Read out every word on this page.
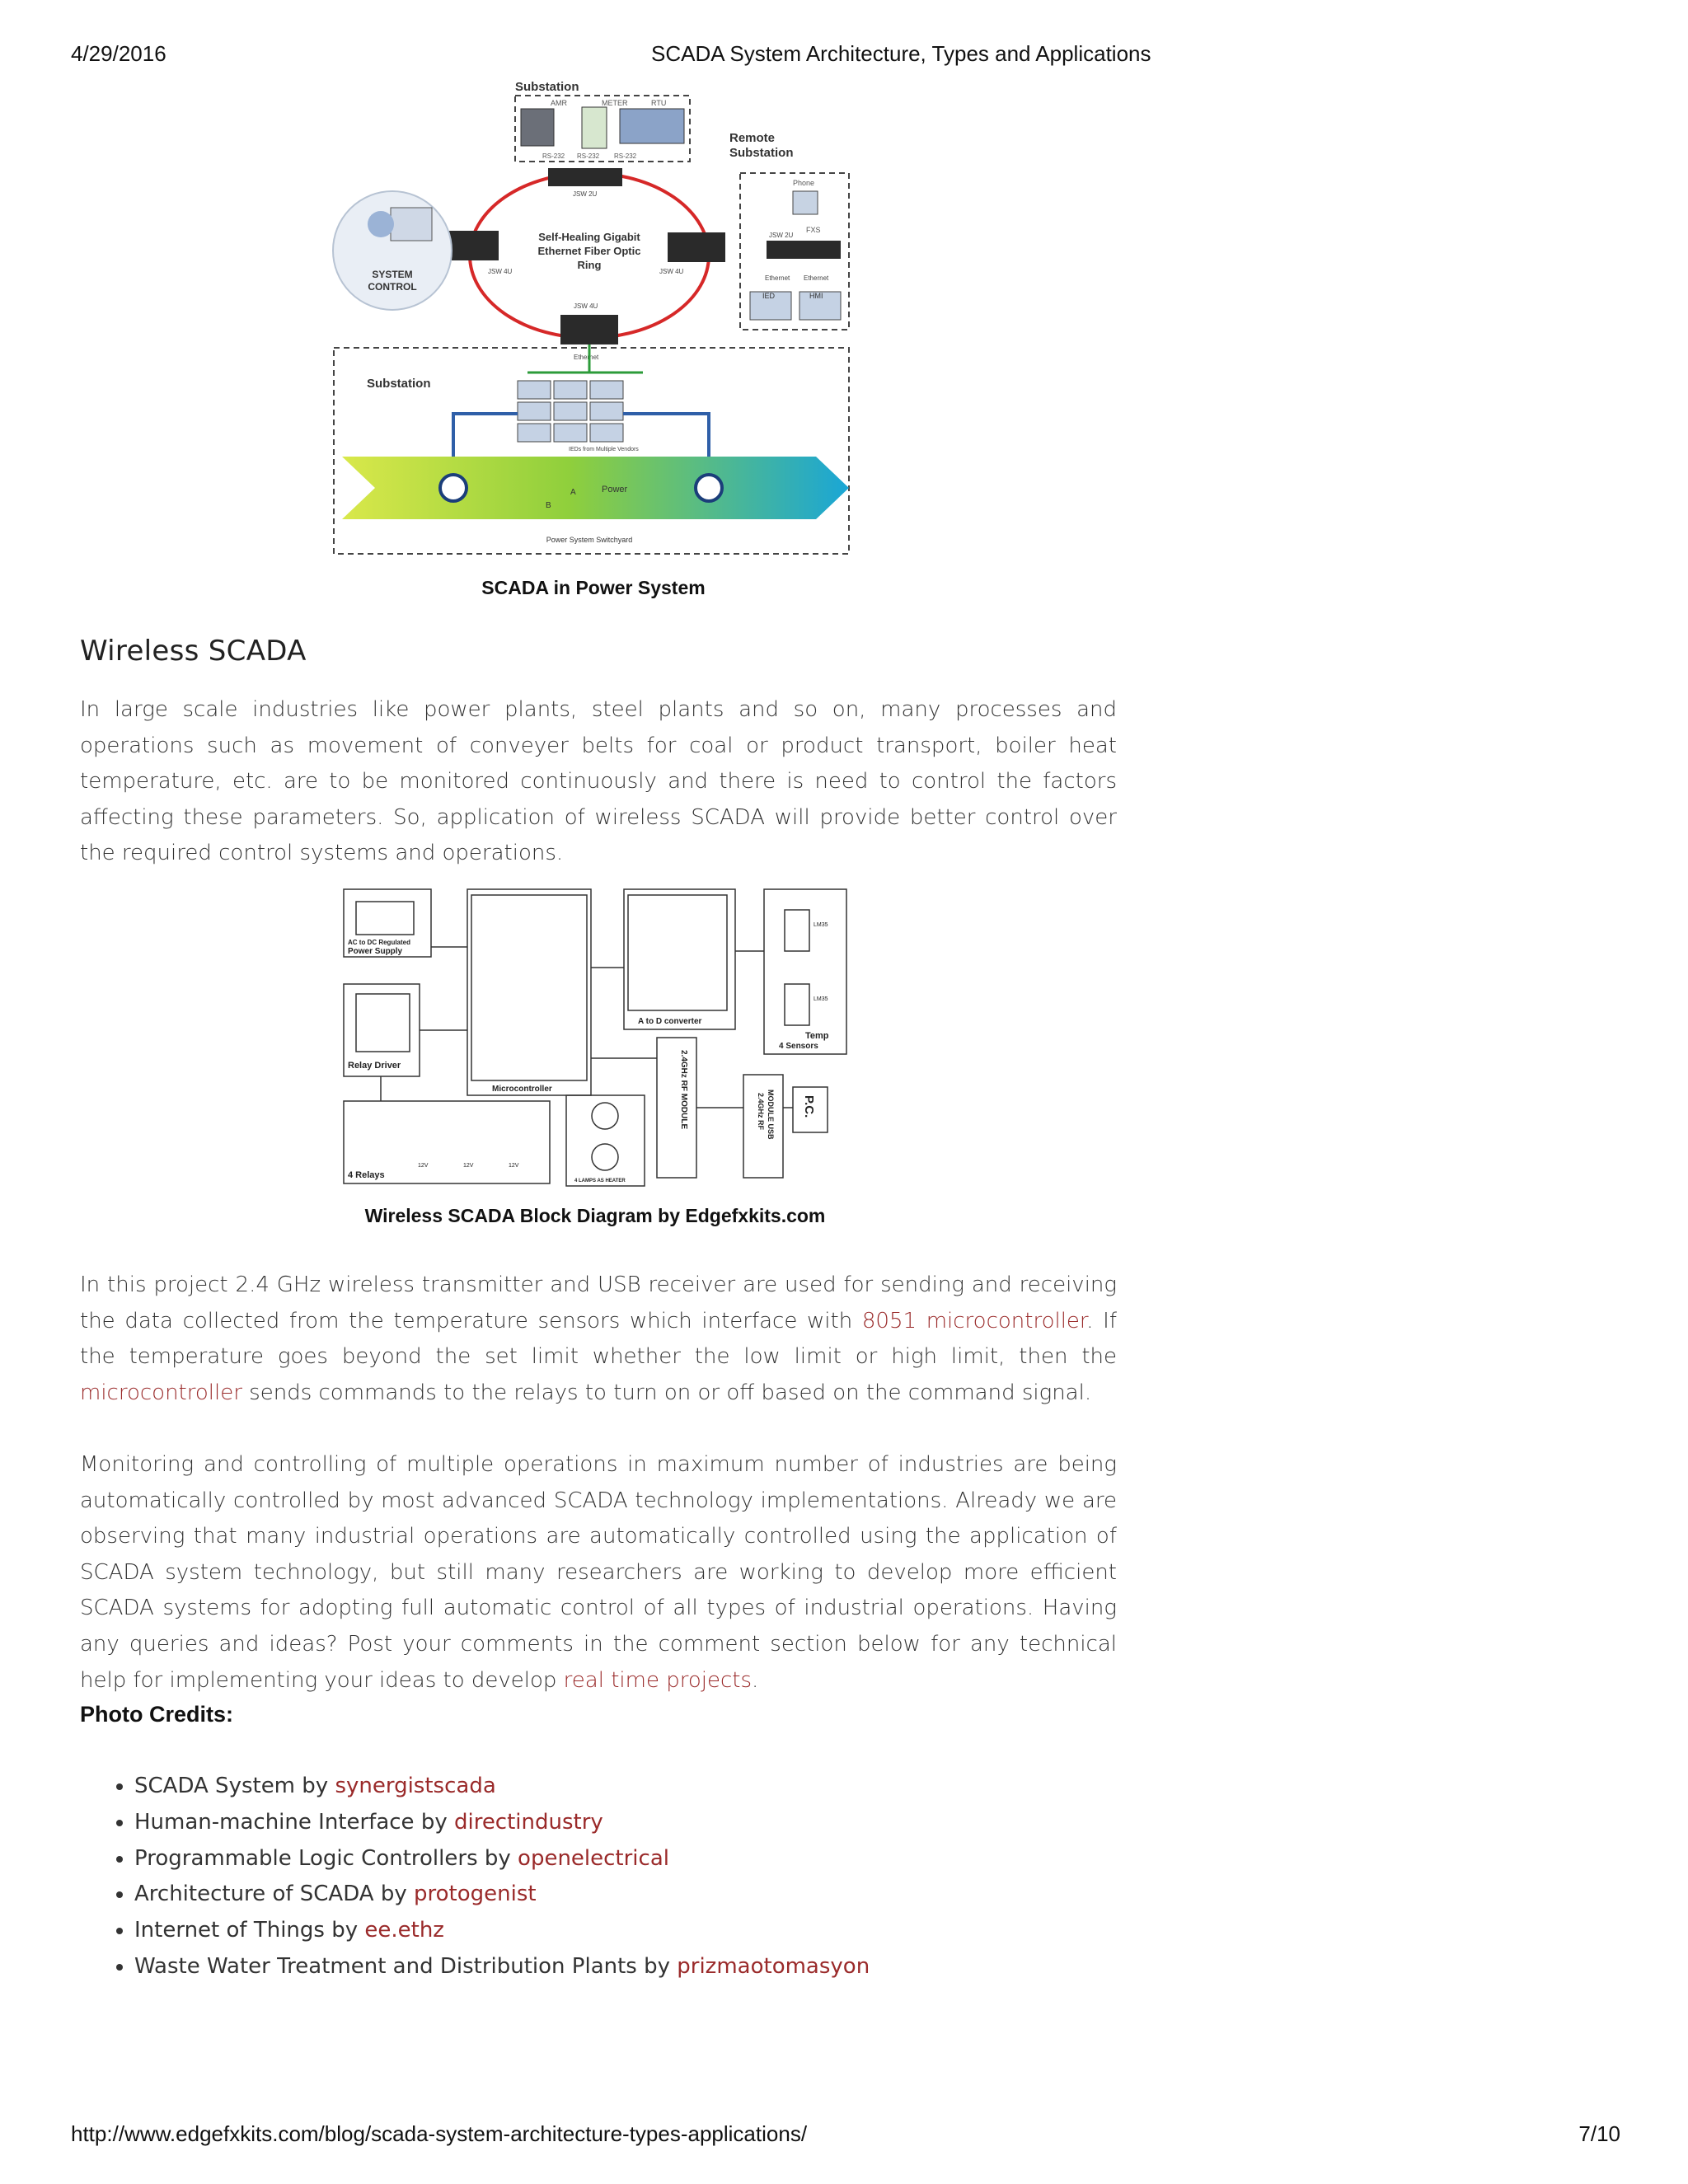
4/29/2016	SCADA System Architecture, Types and Applications
Substation
AMR	METER	RTU
RS-232 RS-232 RS-232
JSW 2U
JSW 4U	JSW 4U
JSW 4U
Self-Healing Gigabit
Ethernet Fiber Optic
Ring
SYSTEM
CONTROL
Remote
Substation
Phone
FXS
JSW 2U
Ethernet Ethernet
IED	HMI
Substation
Ethernet
IEDs from Multiple Vendors
Power
B
A
Power System Switchyard
SCADA in Power System
Wireless SCADA

In large scale industries like power plants, steel plants and so on, many processes and operations such as movement of conveyer belts for coal or product transport, boiler heat temperature, etc. are to be monitored continuously and there is need to control the factors affecting these parameters. So, application of wireless SCADA will provide better control over the required control systems and operations.

AC to DC Regulated
Power Supply
Relay Driver
Microcontroller
A to D converter
Temp
4 Sensors
LM35
LM35
2.4GHz RF MODULE	2.4GHz RF MODULE USB P.C.
4 Relays
12V	12V	12V
4 LAMPS AS HEATER
Wireless SCADA Block Diagram by Edgefxkits.com

In this project 2.4 GHz wireless transmitter and USB receiver are used for sending and receiving the data collected from the temperature sensors which interface with 8051 microcontroller. If the temperature goes beyond the set limit whether the low limit or high limit, then the microcontroller sends commands to the relays to turn on or off based on the command signal.

Monitoring and controlling of multiple operations in maximum number of industries are being automatically controlled by most advanced SCADA technology implementations. Already we are observing that many industrial operations are automatically controlled using the application of SCADA system technology, but still many researchers are working to develop more efficient SCADA systems for adopting full automatic control of all types of industrial operations. Having any queries and ideas? Post your comments in the comment section below for any technical help for implementing your ideas to develop real time projects.

Photo Credits:

• SCADA System by synergistscada
• Human-machine Interface by directindustry
• Programmable Logic Controllers by openelectrical
• Architecture of SCADA by protogenist
• Internet of Things by ee.ethz
• Waste Water Treatment and Distribution Plants by prizmaotomasyon
http://www.edgefxkits.com/blog/scada-system-architecture-types-applications/	7/10
